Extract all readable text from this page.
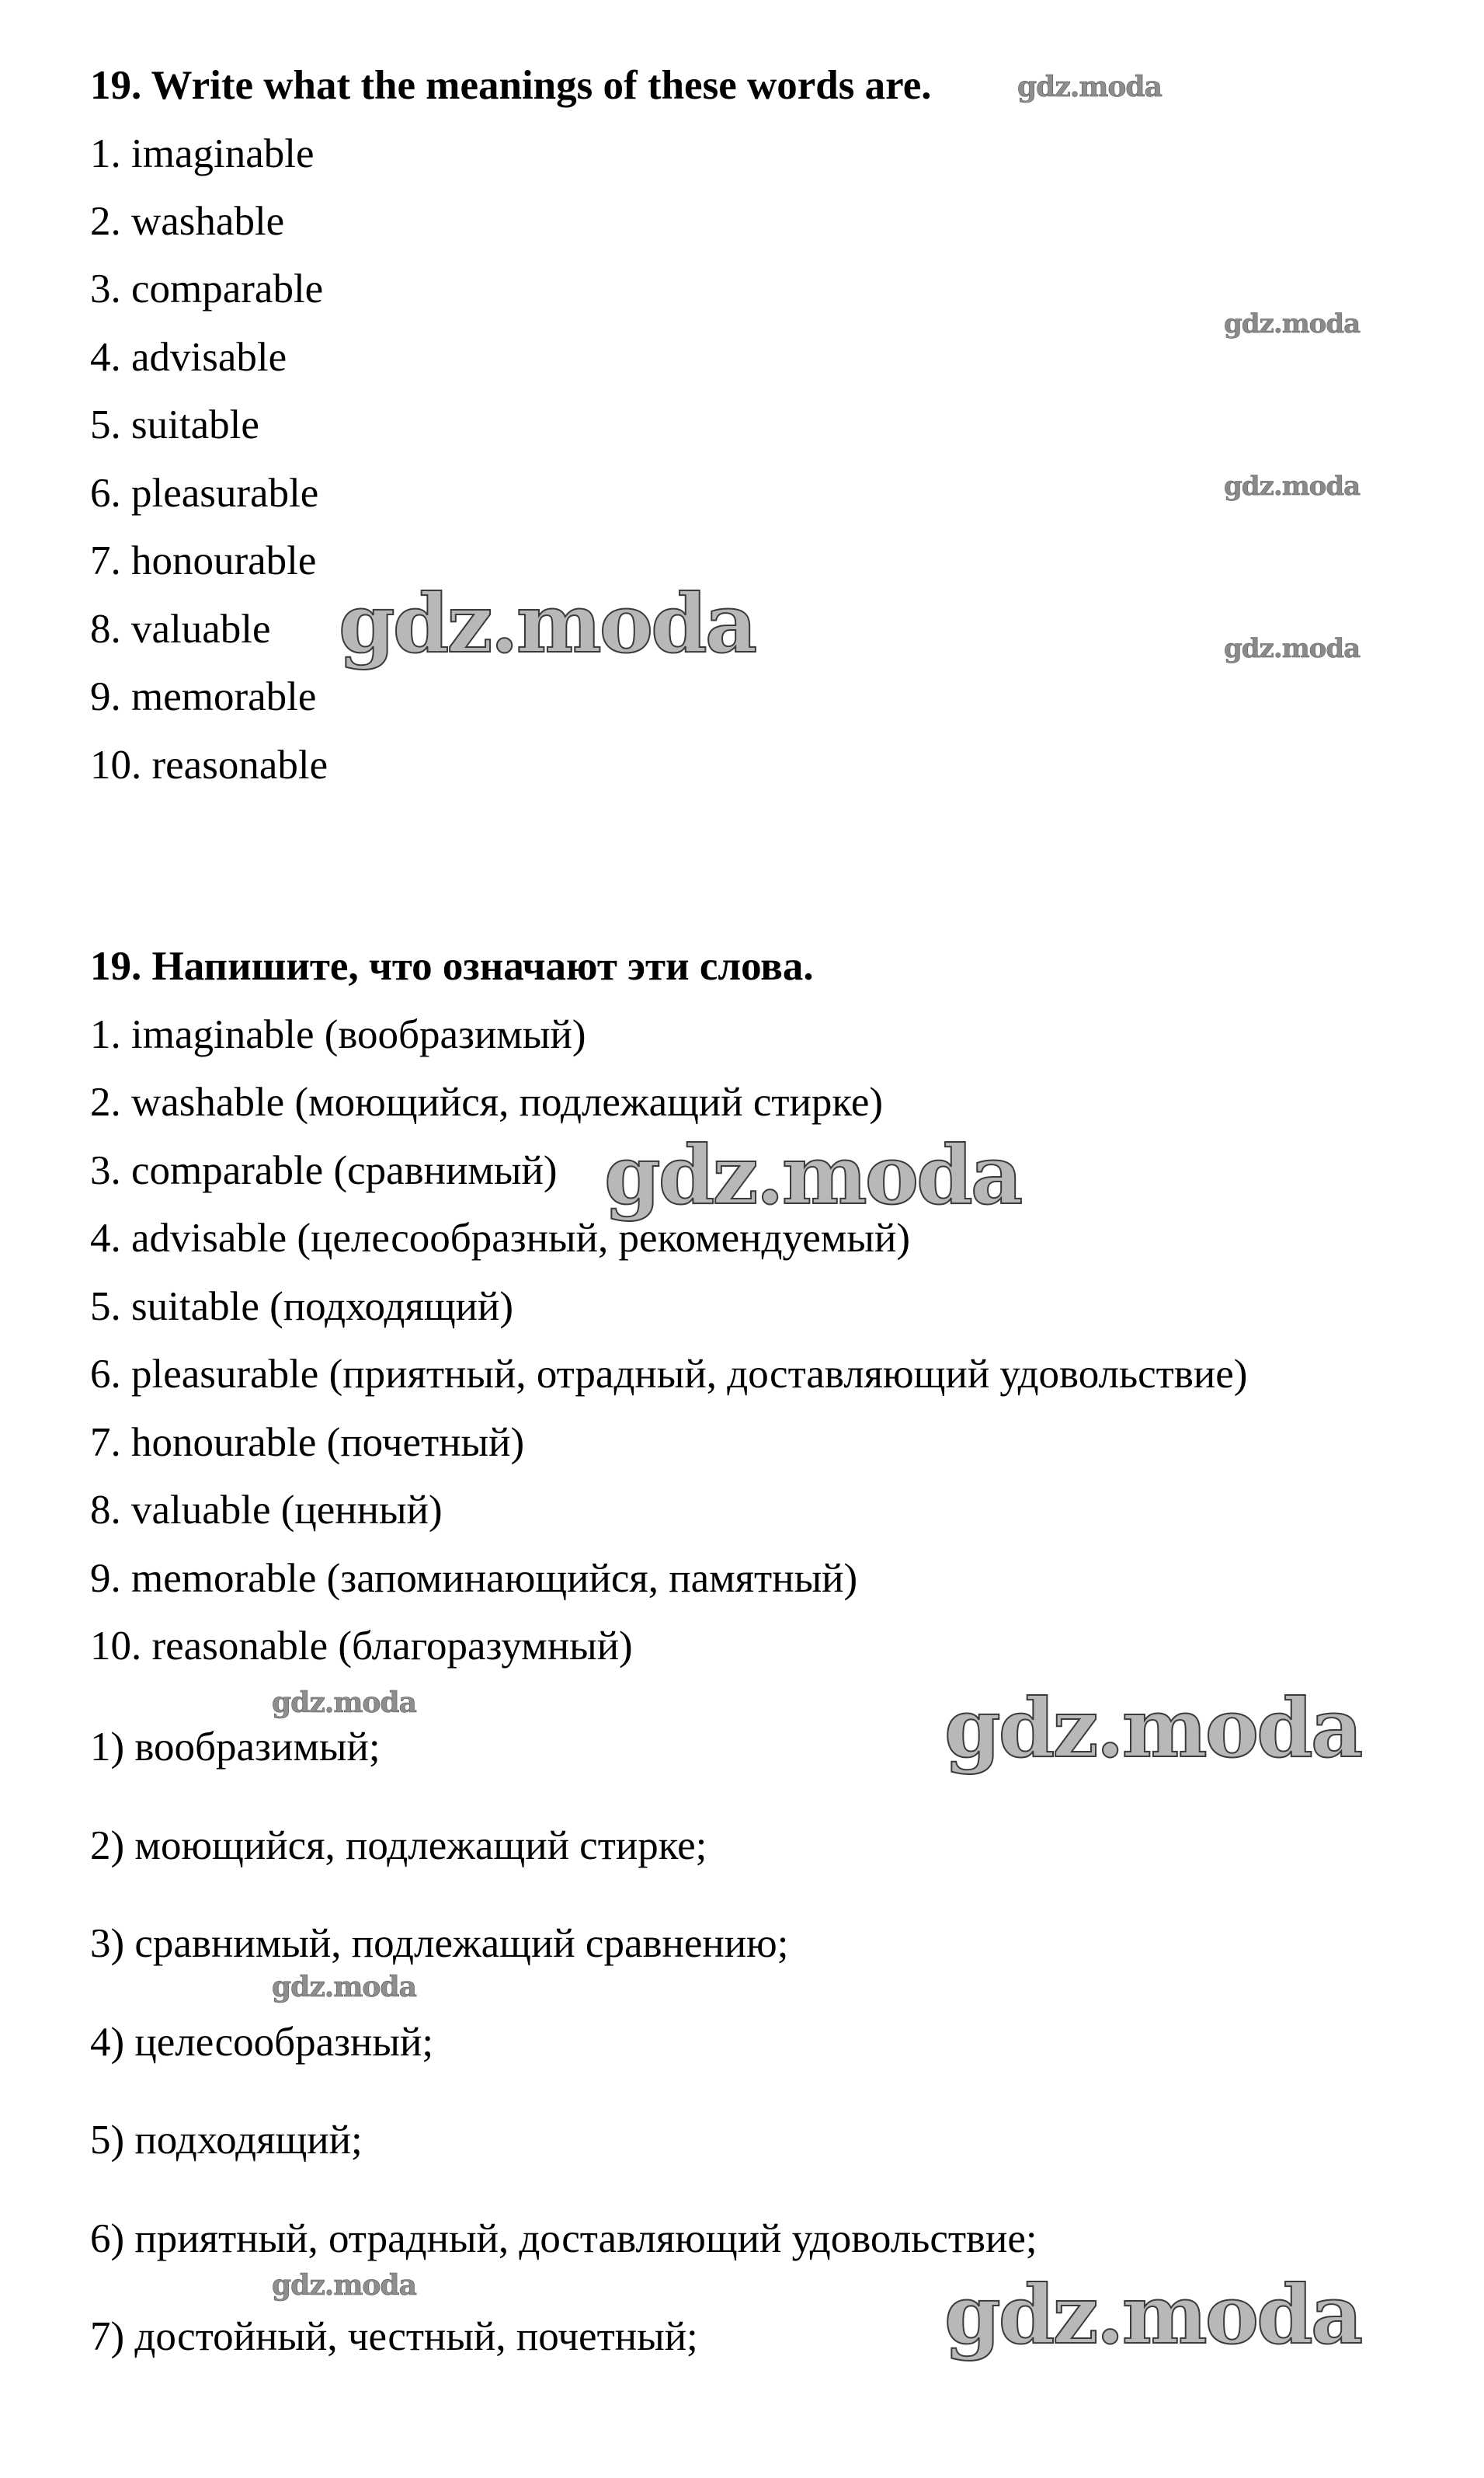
19. Write what the meanings of these words are.

1. imaginable

2. washable

3. comparable

4. advisable

5. suitable

6. pleasurable

7. honourable

8. valuable

9. memorable

10. reasonable

19. Напишите, что означают эти слова.

1. imaginable (вообразимый)

2. washable (моющийся, подлежащий стирке)

3. comparable (сравнимый)

4. advisable (целесообразный, рекомендуемый)

5. suitable (подходящий)

6. pleasurable (приятный, отрадный, доставляющий удовольствие)

7. honourable (почетный)

8. valuable (ценный)

9. memorable (запоминающийся, памятный)

10. reasonable (благоразумный)

1) вообразимый;

2) моющийся, подлежащий стирке;

3) сравнимый, подлежащий сравнению;

4) целесообразный;

5) подходящий;

6) приятный, отрадный, доставляющий удовольствие;

7) достойный, честный, почетный;

gdz.moda
gdz.moda
gdz.moda
gdz.moda
gdz.moda
gdz.moda
gdz.moda	gdz.moda
gdz.moda
gdz.moda	gdz.moda
